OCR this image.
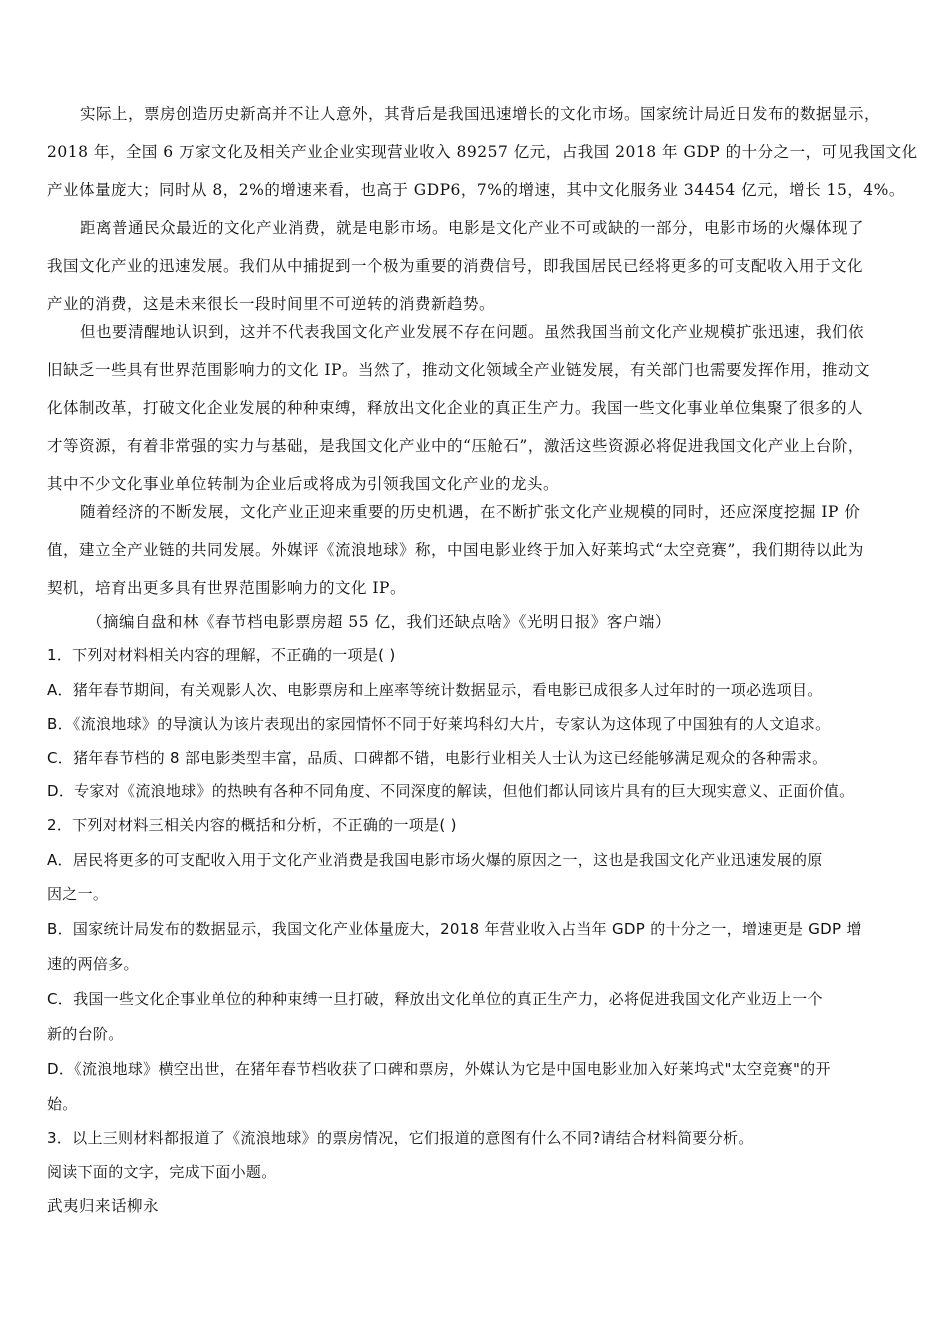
实际上，票房创造历史新高并不让人意外，其背后是我国迅速增长的文化市场。国家统计局近日发布的数据显示，
2018 年，全国 6 万家文化及相关产业企业实现营业收入 89257 亿元，占我国 2018 年 GDP 的十分之一，可见我国文化
产业体量庞大；同时从 8，2%的增速来看，也高于 GDP6，7%的增速，其中文化服务业 34454 亿元，增长 15，4%。
距离普通民众最近的文化产业消费，就是电影市场。电影是文化产业不可或缺的一部分，电影市场的火爆体现了
我国文化产业的迅速发展。我们从中捕捉到一个极为重要的消费信号，即我国居民已经将更多的可支配收入用于文化
产业的消费，这是未来很长一段时间里不可逆转的消费新趋势。
但也要清醒地认识到，这并不代表我国文化产业发展不存在问题。虽然我国当前文化产业规模扩张迅速，我们依
旧缺乏一些具有世界范围影响力的文化 IP。当然了，推动文化领域全产业链发展，有关部门也需要发挥作用，推动文
化体制改革，打破文化企业发展的种种束缚，释放出文化企业的真正生产力。我国一些文化事业单位集聚了很多的人
才等资源，有着非常强的实力与基础，是我国文化产业中的“压舱石”，激活这些资源必将促进我国文化产业上台阶，
其中不少文化事业单位转制为企业后或将成为引领我国文化产业的龙头。
随着经济的不断发展，文化产业正迎来重要的历史机遇，在不断扩张文化产业规模的同时，还应深度挖掘 IP 价
值，建立全产业链的共同发展。外媒评《流浪地球》称，中国电影业终于加入好莱坞式“太空竞赛”，我们期待以此为
契机，培育出更多具有世界范围影响力的文化 IP。
（摘编自盘和林《春节档电影票房超 55 亿，我们还缺点啥》《光明日报》客户端）
1．下列对材料相关内容的理解，不正确的一项是( )
A．猪年春节期间，有关观影人次、电影票房和上座率等统计数据显示，看电影已成很多人过年时的一项必选项目。
B．《流浪地球》的导演认为该片表现出的家园情怀不同于好莱坞科幻大片，专家认为这体现了中国独有的人文追求。
C．猪年春节档的 8 部电影类型丰富，品质、口碑都不错，电影行业相关人士认为这已经能够满足观众的各种需求。
D．专家对《流浪地球》的热映有各种不同角度、不同深度的解读，但他们都认同该片具有的巨大现实意义、正面价值。
2．下列对材料三相关内容的概括和分析，不正确的一项是( )
A．居民将更多的可支配收入用于文化产业消费是我国电影市场火爆的原因之一，这也是我国文化产业迅速发展的原
因之一。
B．国家统计局发布的数据显示，我国文化产业体量庞大，2018 年营业收入占当年 GDP 的十分之一，增速更是 GDP 增
速的两倍多。
C．我国一些文化企事业单位的种种束缚一旦打破，释放出文化单位的真正生产力，必将促进我国文化产业迈上一个
新的台阶。
D．《流浪地球》横空出世，在猪年春节档收获了口碑和票房，外媒认为它是中国电影业加入好莱坞式"太空竞赛"的开
始。
3．以上三则材料都报道了《流浪地球》的票房情况，它们报道的意图有什么不同?请结合材料简要分析。
阅读下面的文字，完成下面小题。
武夷归来话柳永
